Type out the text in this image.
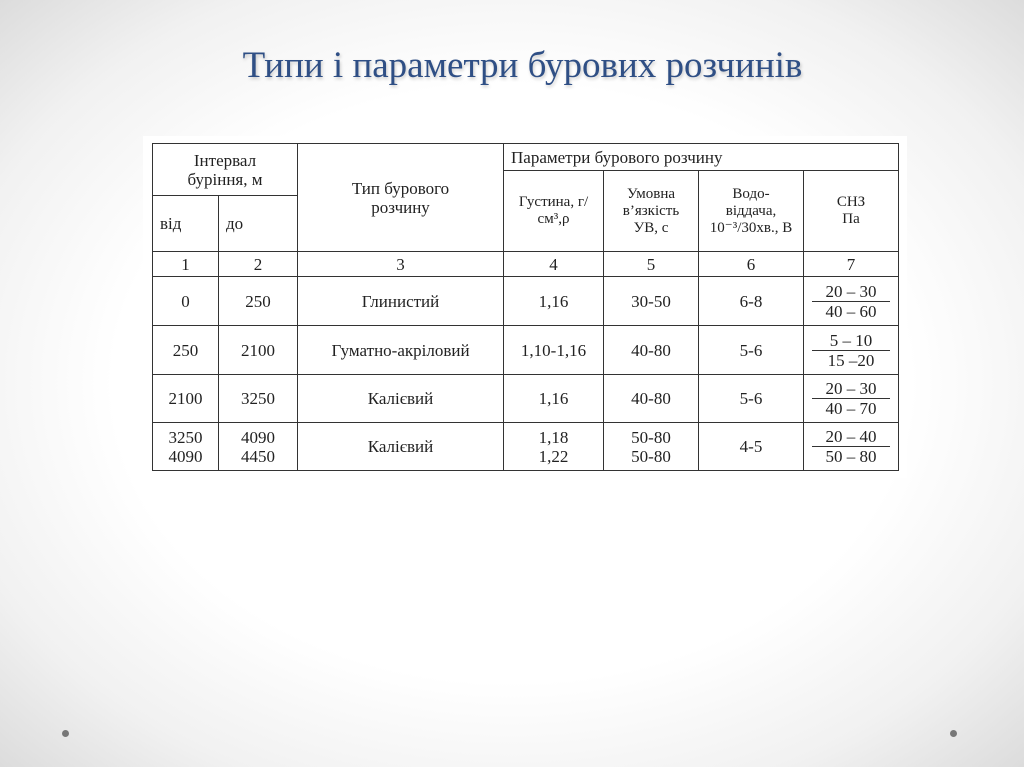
Типи і параметри бурових розчинів
Інтервал буріння, м		Тип бурового розчину	Параметри бурового розчину			
			Густина, г/см³,ρ	Умовна в’язкість УВ, с	Водо-віддача, 10⁻³/30хв., В	СНЗ Па
від	до					
1	2	3	4	5	6	7
0	250	Глинистий	1,16	30-50	6-8	20 – 30
40 – 60

250	2100	Гуматно-акріловий	1,10-1,16	40-80	5-6	5 – 10
15 –20

2100	3250	Калієвий	1,16	40-80	5-6	20 – 30
40 – 70

3250 4090	4090 4450	Калієвий	1,18 1,22	50-80 50-80	4-5	20 – 40
50 – 80
